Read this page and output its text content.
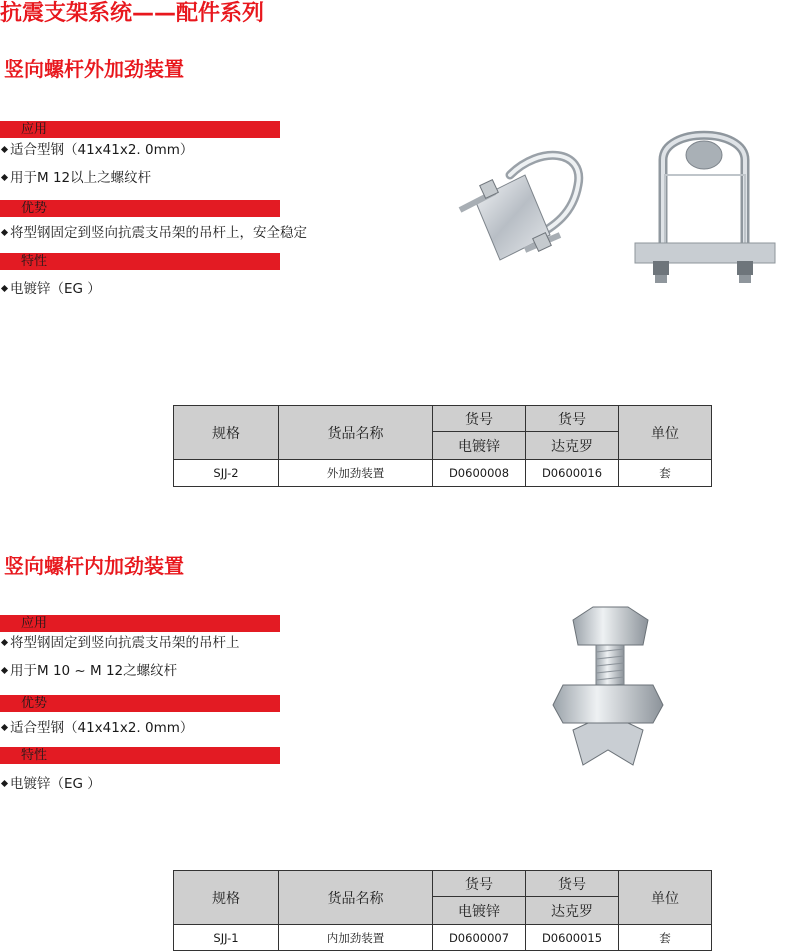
抗震支架系统——配件系列
竖向螺杆外加劲装置
应用
适合型钢（41x41x2. 0mm）
用于M 12以上之螺纹杆
优势
将型钢固定到竖向抗震支吊架的吊杆上，安全稳定
特性
电镀锌（EG ）
规格	货品名称	货号	货号	单位
		电镀锌	达克罗	
SJJ-2	外加劲装置	D0600008	D0600016	套
竖向螺杆内加劲装置
应用
将型钢固定到竖向抗震支吊架的吊杆上
用于M 10 ~ M 12之螺纹杆
优势
适合型钢（41x41x2. 0mm）
特性
电镀锌（EG ）
规格	货品名称	货号	货号	单位
		电镀锌	达克罗	
SJJ-1	内加劲装置	D0600007	D0600015	套
